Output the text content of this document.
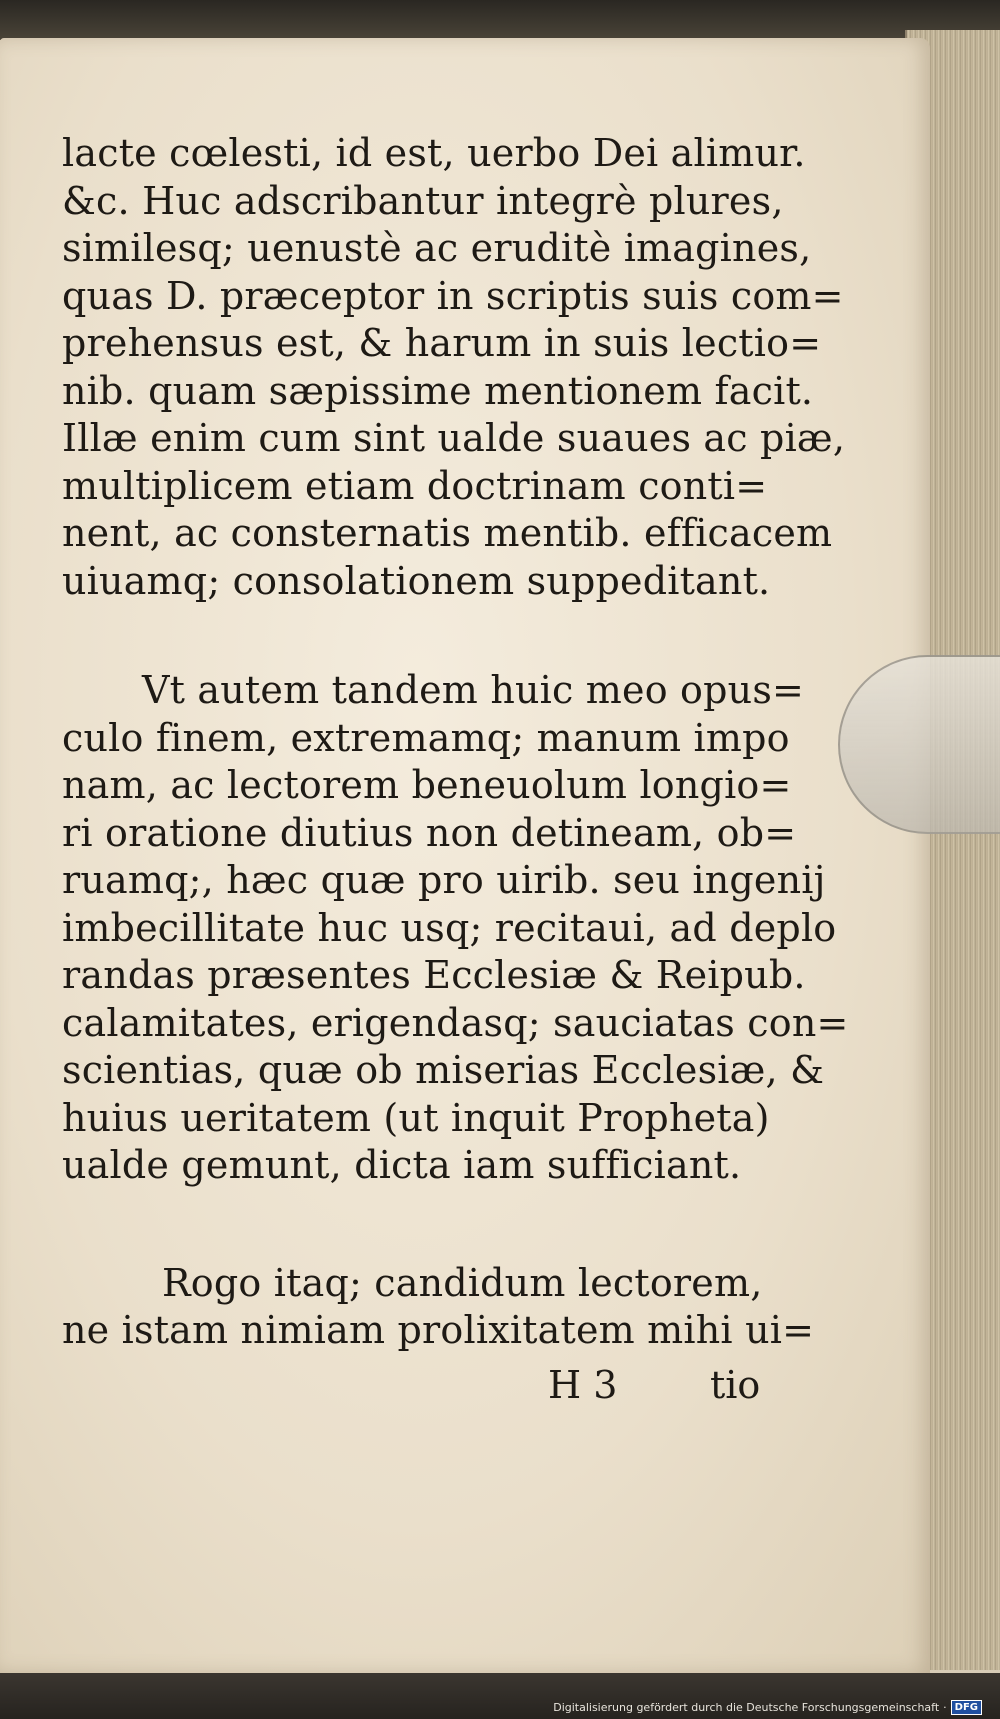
lacte cœlesti, id est, uerbo Dei alimur.
&c. Huc adscribantur integrè plures,
similesq; uenustè ac eruditè imagines,
quas D. præceptor in scriptis suis com=
prehensus est, & harum in suis lectio=
nib. quam sæpissime mentionem facit.
Illæ enim cum sint ualde suaues ac piæ,
multiplicem etiam doctrinam conti=
nent, ac consternatis mentib. efficacem
uiuamq; consolationem suppeditant.
Vt autem tandem huic meo opus=
culo finem, extremamq; manum impo
nam, ac lectorem beneuolum longio=
ri oratione diutius non detineam, ob=
ruamq;, hæc quæ pro uirib. seu ingenij
imbecillitate huc usq; recitaui, ad deplo
randas præsentes Ecclesiæ & Reipub.
calamitates, erigendasq; sauciatas con=
scientias, quæ ob miserias Ecclesiæ, &
huius ueritatem (ut inquit Propheta)
ualde gemunt, dicta iam sufficiant.
Rogo itaq; candidum lectorem,
ne istam nimiam prolixitatem mihi ui=
H 3 tio
Digitalisierung gefördert durch die Deutsche Forschungsgemeinschaft · DFG
